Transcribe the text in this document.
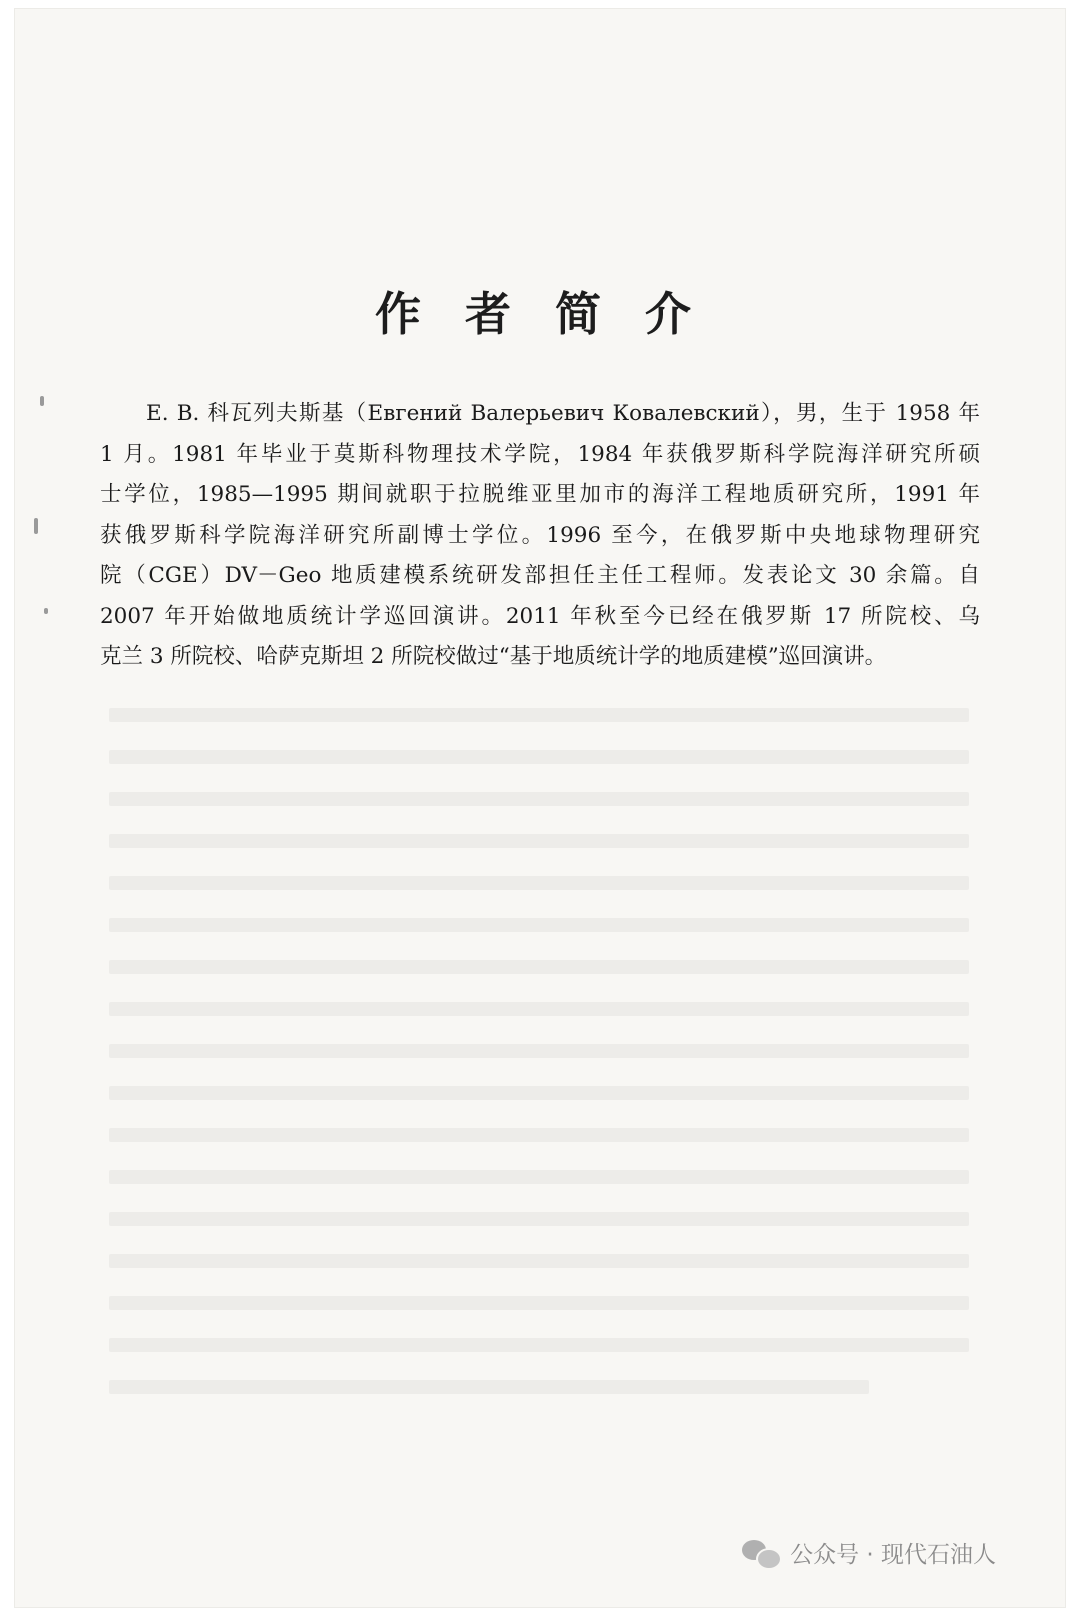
作 者 简 介
E. B. 科瓦列夫斯基（Евгений Валерьевич Ковалевский），男，生于 1958 年
1 月。1981 年毕业于莫斯科物理技术学院，1984 年获俄罗斯科学院海洋研究所硕
士学位，1985—1995 期间就职于拉脱维亚里加市的海洋工程地质研究所，1991 年
获俄罗斯科学院海洋研究所副博士学位。1996 至今，在俄罗斯中央地球物理研究
院（CGE）DV－Geo 地质建模系统研发部担任主任工程师。发表论文 30 余篇。自
2007 年开始做地质统计学巡回演讲。2011 年秋至今已经在俄罗斯 17 所院校、乌
克兰 3 所院校、哈萨克斯坦 2 所院校做过“基于地质统计学的地质建模”巡回演讲。
公众号 · 现代石油人
